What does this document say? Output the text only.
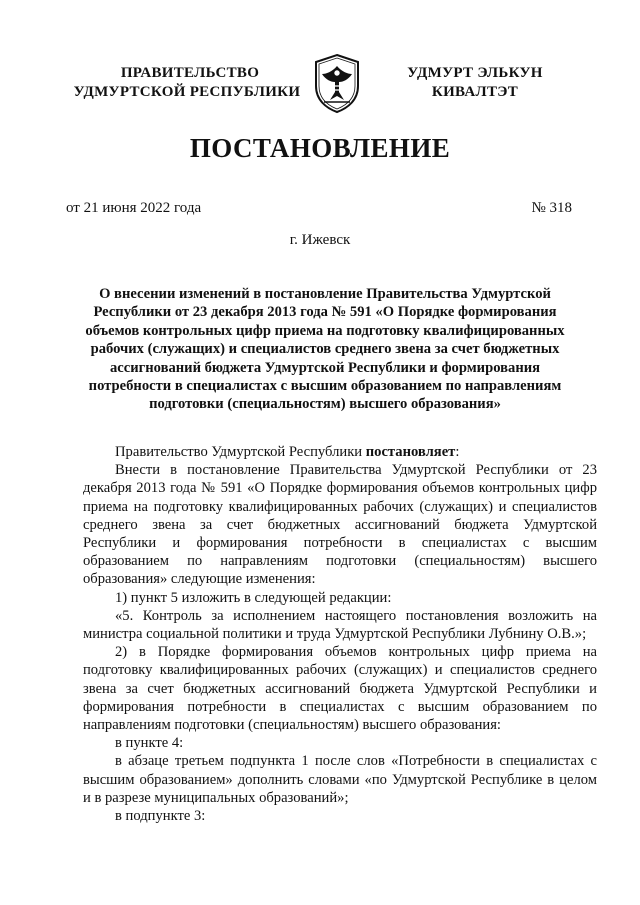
ПРАВИТЕЛЬСТВО
УДМУРТСКОЙ РЕСПУБЛИКИ
УДМУРТ ЭЛЬКУН
КИВАЛТЭТ
ПОСТАНОВЛЕНИЕ
от 21 июня 2022 года	№ 318
г. Ижевск
О внесении изменений в постановление Правительства Удмуртской Республики от 23 декабря 2013 года № 591 «О Порядке формирования объемов контрольных цифр приема на подготовку квалифицированных рабочих (служащих) и специалистов среднего звена за счет бюджетных ассигнований бюджета Удмуртской Республики и формирования потребности в специалистах с высшим образованием по направлениям подготовки (специальностям) высшего образования»

Правительство Удмуртской Республики постановляет:

Внести в постановление Правительства Удмуртской Республики от 23 декабря 2013 года № 591 «О Порядке формирования объемов контрольных цифр приема на подготовку квалифицированных рабочих (служащих) и специалистов среднего звена за счет бюджетных ассигнований бюджета Удмуртской Республики и формирования потребности в специалистах с высшим образованием по направлениям подготовки (специальностям) высшего образования» следующие изменения:

1) пункт 5 изложить в следующей редакции:

«5. Контроль за исполнением настоящего постановления возложить на министра социальной политики и труда Удмуртской Республики Лубнину О.В.»;

2) в Порядке формирования объемов контрольных цифр приема на подготовку квалифицированных рабочих (служащих) и специалистов среднего звена за счет бюджетных ассигнований бюджета Удмуртской Республики и формирования потребности в специалистах с высшим образованием по направлениям подготовки (специальностям) высшего образования:

в пункте 4:

в абзаце третьем подпункта 1 после слов «Потребности в специалистах с высшим образованием» дополнить словами «по Удмуртской Республике в целом и в разрезе муниципальных образований»;

в подпункте 3:
